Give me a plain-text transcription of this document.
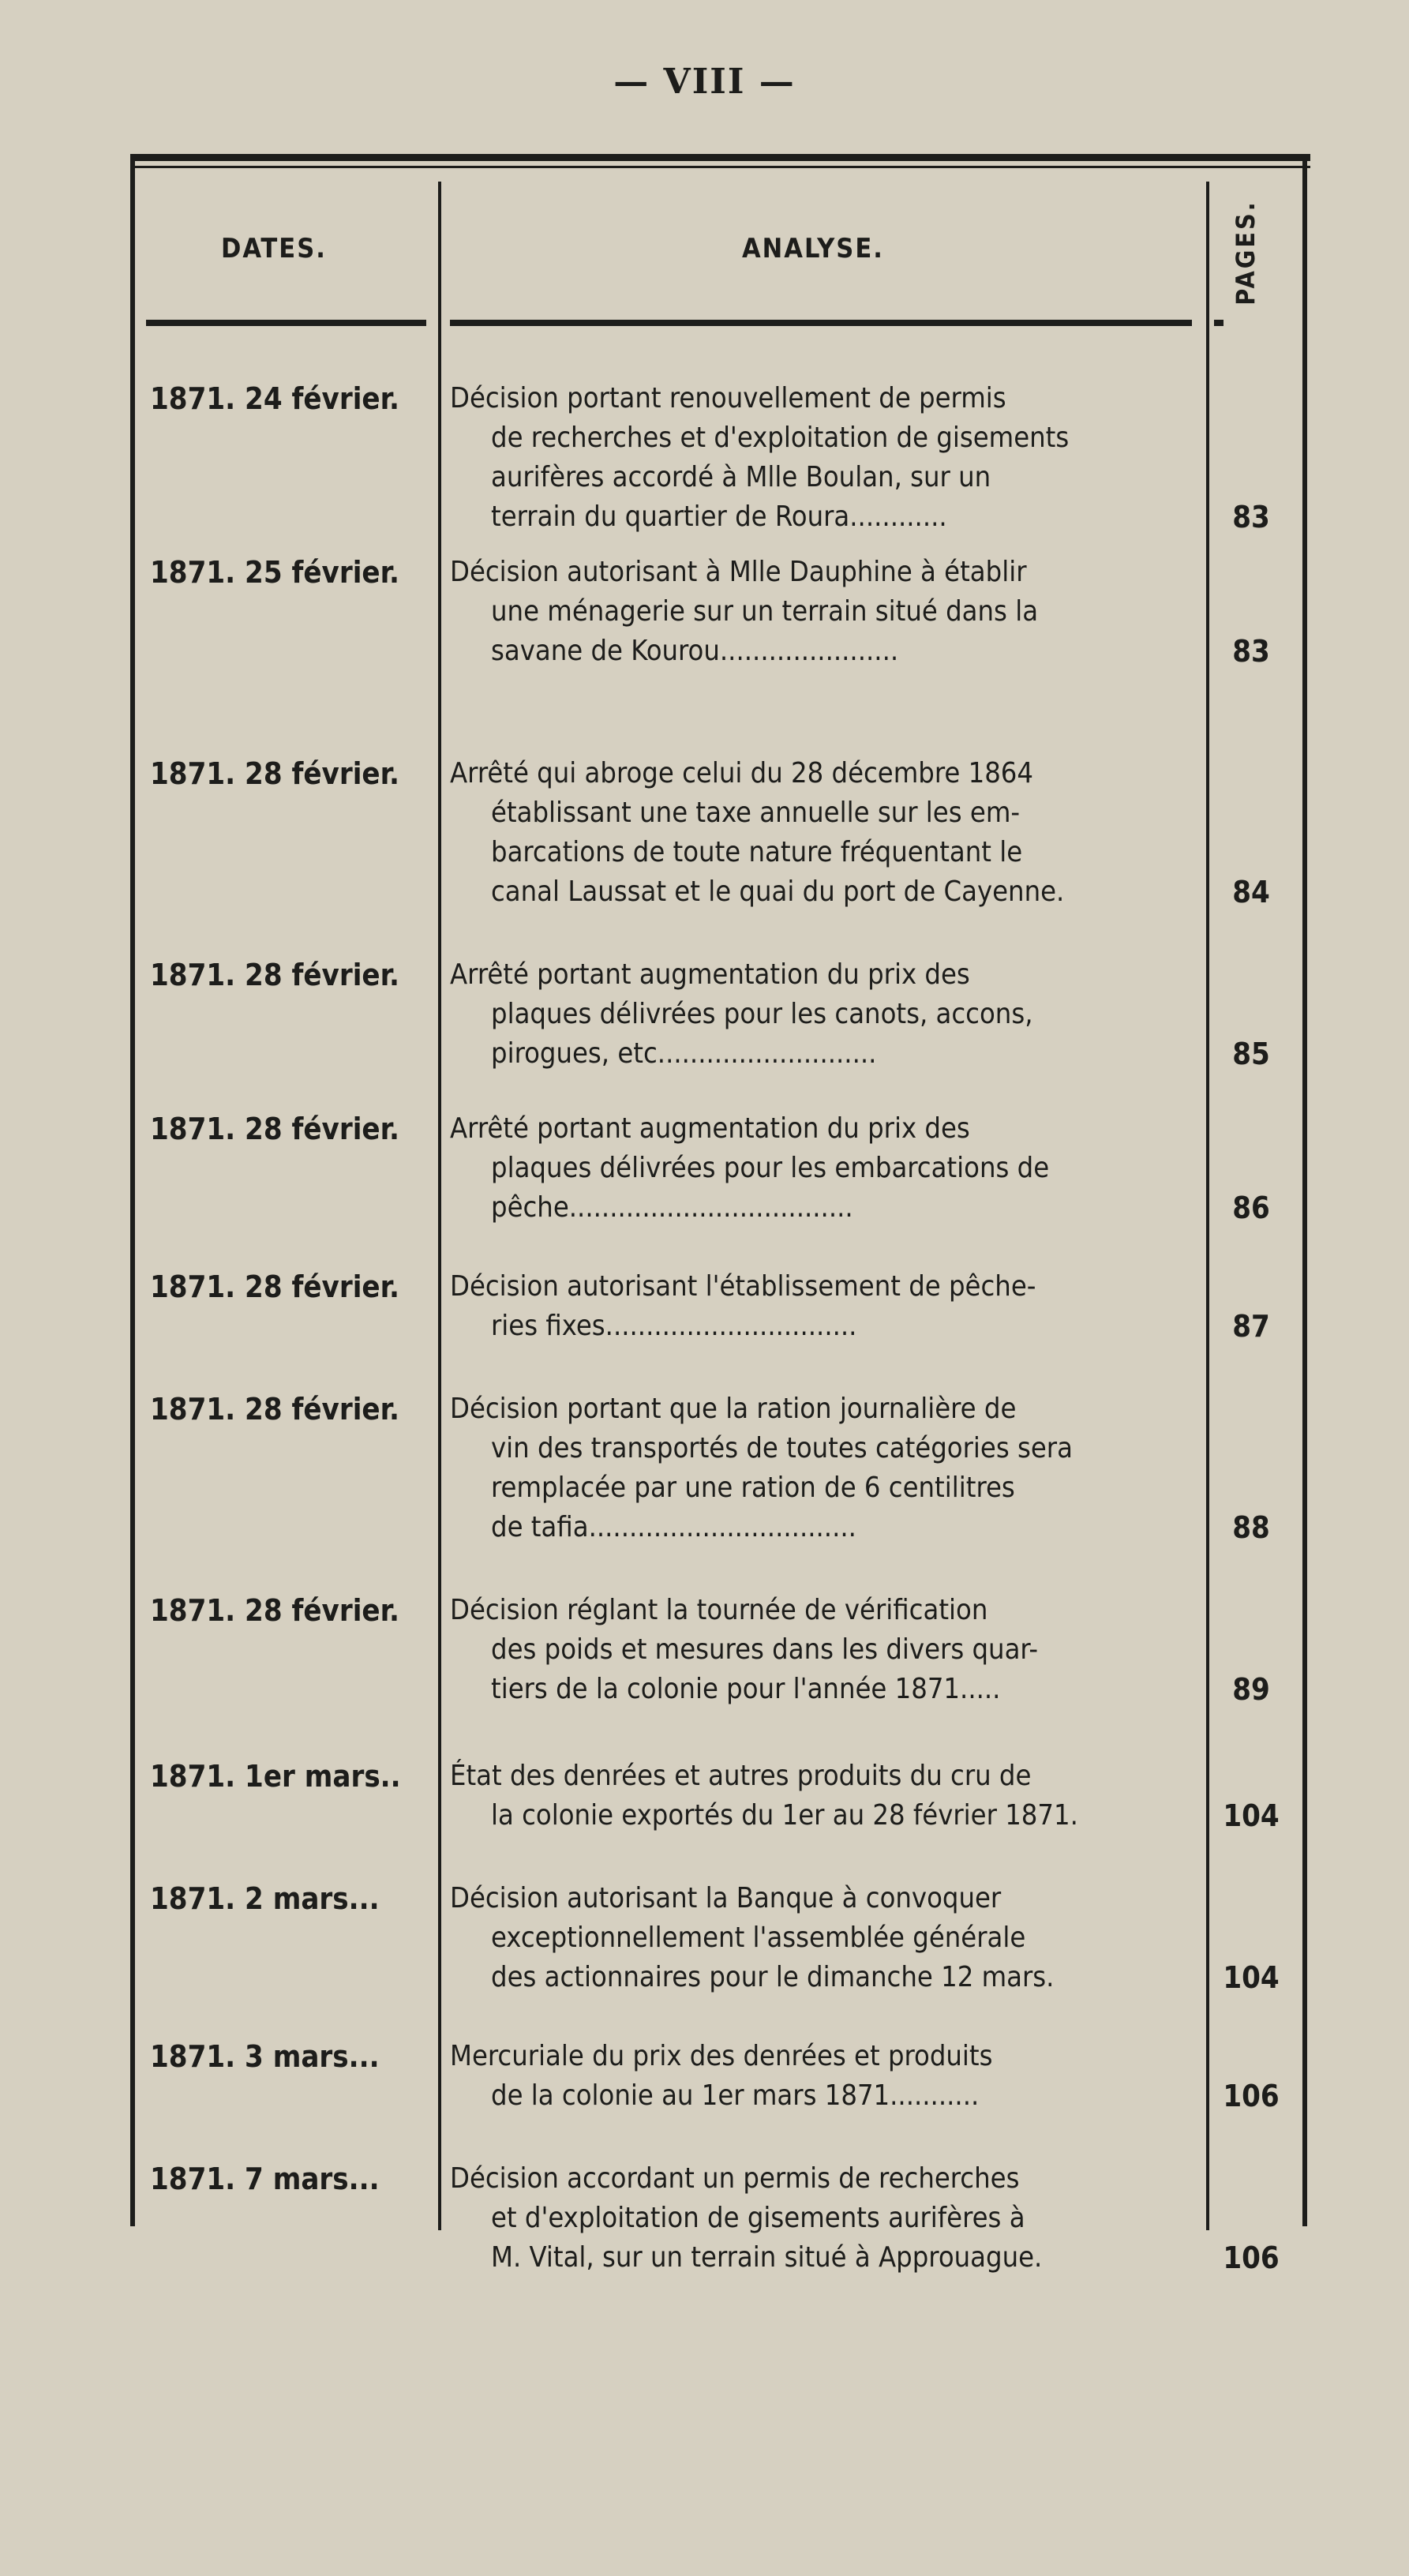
— VIII —
DATES.	ANALYSE.	PAGES.
1871. 24 février.	Décision portant renouvellement de permis
de recherches et d'exploitation de gisements
aurifères accordé à Mlle Boulan, sur un
terrain du quartier de Roura............	83
1871. 25 février.	Décision autorisant à Mlle Dauphine à établir
une ménagerie sur un terrain situé dans la
savane de Kourou......................	83
1871. 28 février.	Arrêté qui abroge celui du 28 décembre 1864
établissant une taxe annuelle sur les em-
barcations de toute nature fréquentant le
canal Laussat et le quai du port de Cayenne.	84
1871. 28 février.	Arrêté portant augmentation du prix des
plaques délivrées pour les canots, accons,
pirogues, etc...........................	85
1871. 28 février.	Arrêté portant augmentation du prix des
plaques délivrées pour les embarcations de
pêche...................................	86
1871. 28 février.	Décision autorisant l'établissement de pêche-
ries fixes...............................	87
1871. 28 février.	Décision portant que la ration journalière de
vin des transportés de toutes catégories sera
remplacée par une ration de 6 centilitres
de tafia.................................	88
1871. 28 février.	Décision réglant la tournée de vérification
des poids et mesures dans les divers quar-
tiers de la colonie pour l'année 1871.....	89
1871. 1er mars..	État des denrées et autres produits du cru de
la colonie exportés du 1er au 28 février 1871.	104
1871. 2 mars...	Décision autorisant la Banque à convoquer
exceptionnellement l'assemblée générale
des actionnaires pour le dimanche 12 mars.	104
1871. 3 mars...	Mercuriale du prix des denrées et produits
de la colonie au 1er mars 1871...........	106
1871. 7 mars...	Décision accordant un permis de recherches
et d'exploitation de gisements aurifères à
M. Vital, sur un terrain situé à Approuague.	106
